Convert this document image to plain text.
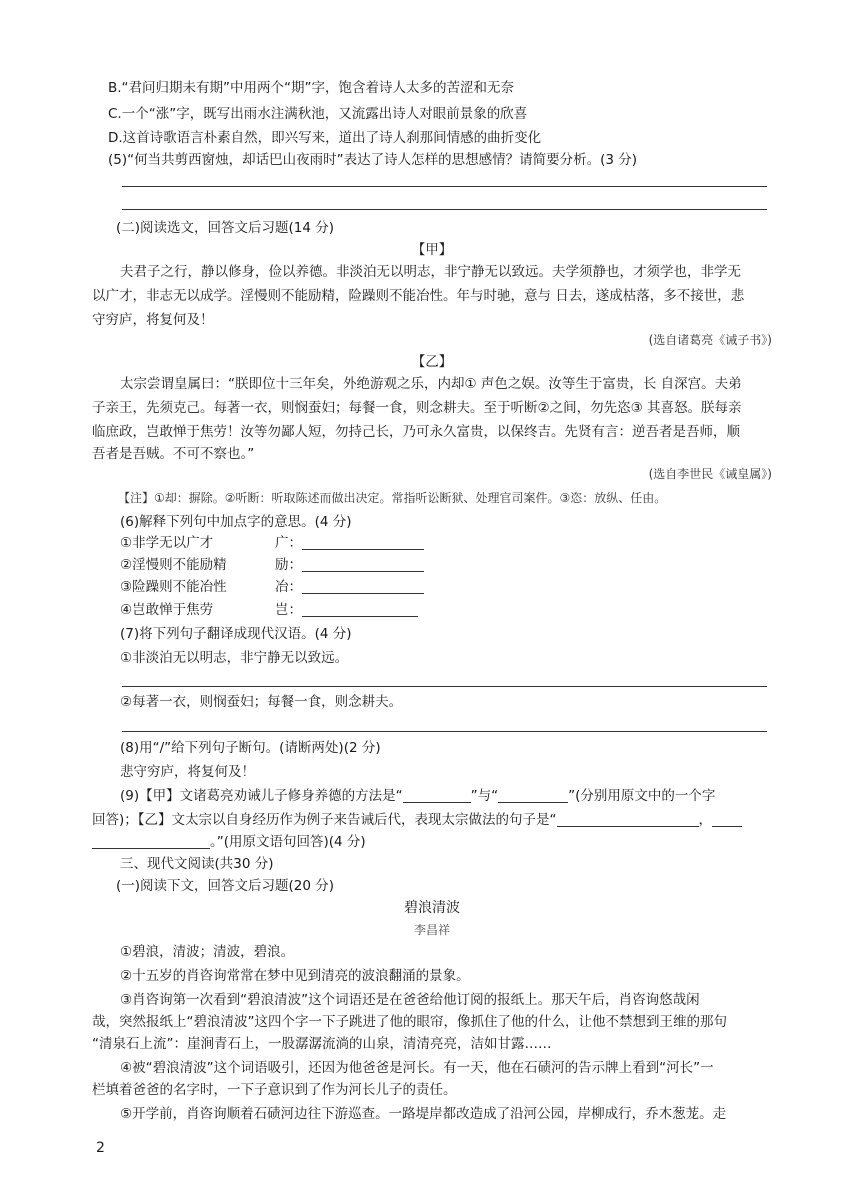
B.“君问归期未有期”中用两个“期”字，饱含着诗人太多的苦涩和无奈
C.一个“涨”字，既写出雨水注满秋池，又流露出诗人对眼前景象的欣喜
D.这首诗歌语言朴素自然，即兴写来，道出了诗人刹那间情感的曲折变化
(5)“何当共剪西窗烛，却话巴山夜雨时”表达了诗人怎样的思想感情？请简要分析。(3 分)
(二)阅读选文，回答文后习题(14 分)
【甲】
夫君子之行，静以修身，俭以养德。非淡泊无以明志，非宁静无以致远。夫学须静也，才须学也，非学无
以广才，非志无以成学。淫慢则不能励精，险躁则不能冶性。年与时驰，意与 日去，遂成枯落，多不接世，悲
守穷庐，将复何及！
(选自诸葛亮《诫子书》)
【乙】
太宗尝谓皇属曰：“朕即位十三年矣，外绝游观之乐，内却① 声色之娱。汝等生于富贵，长 自深宫。夫弟
子亲王，先须克己。每著一衣，则悯蚕妇；每餐一食，则念耕夫。至于听断②之间，勿先恣③ 其喜怒。朕每亲
临庶政，岂敢惮于焦劳！汝等勿鄙人短，勿持己长，乃可永久富贵，以保终吉。先贤有言：逆吾者是吾师，顺
吾者是吾贼。不可不察也。”
(选自李世民《诫皇属》)
【注】①却：摒除。②听断：听取陈述而做出决定。常指听讼断狱、处理官司案件。③恣：放纵、任由。
(6)解释下列句中加点字的意思。(4 分)
①非学无以广才	广：
②淫慢则不能励精	励：
③险躁则不能冶性	冶：
④岂敢惮于焦劳	岂：
(7)将下列句子翻译成现代汉语。(4 分)
①非淡泊无以明志，非宁静无以致远。
②每著一衣，则悯蚕妇；每餐一食，则念耕夫。
(8)用“/”给下列句子断句。(请断两处)(2 分)
悲守穷庐，将复何及！
(9)【甲】文诸葛亮劝诫儿子修身养德的方法是“	”与“	”(分别用原文中的一个字
回答)；【乙】文太宗以自身经历作为例子来告诫后代，表现太宗做法的句子是“	，
。”(用原文语句回答)(4 分)
三、现代文阅读(共30 分)
(一)阅读下文，回答文后习题(20 分)
碧浪清波
李昌祥
①碧浪，清波；清波，碧浪。
②十五岁的肖咨询常常在梦中见到清亮的波浪翻涌的景象。
③肖咨询第一次看到“碧浪清波”这个词语还是在爸爸给他订阅的报纸上。那天午后，肖咨询悠哉闲
哉，突然报纸上“碧浪清波”这四个字一下子跳进了他的眼帘，像抓住了他的什么，让他不禁想到王维的那句
“清泉石上流”：崖涧青石上，一股潺潺流淌的山泉，清清亮亮，洁如甘露……
④被“碧浪清波”这个词语吸引，还因为他爸爸是河长。有一天，他在石碛河的告示牌上看到“河长”一
栏填着爸爸的名字时，一下子意识到了作为河长儿子的责任。
⑤开学前，肖咨询顺着石碛河边往下游巡查。一路堤岸都改造成了沿河公园，岸柳成行，乔木葱茏。走
2
